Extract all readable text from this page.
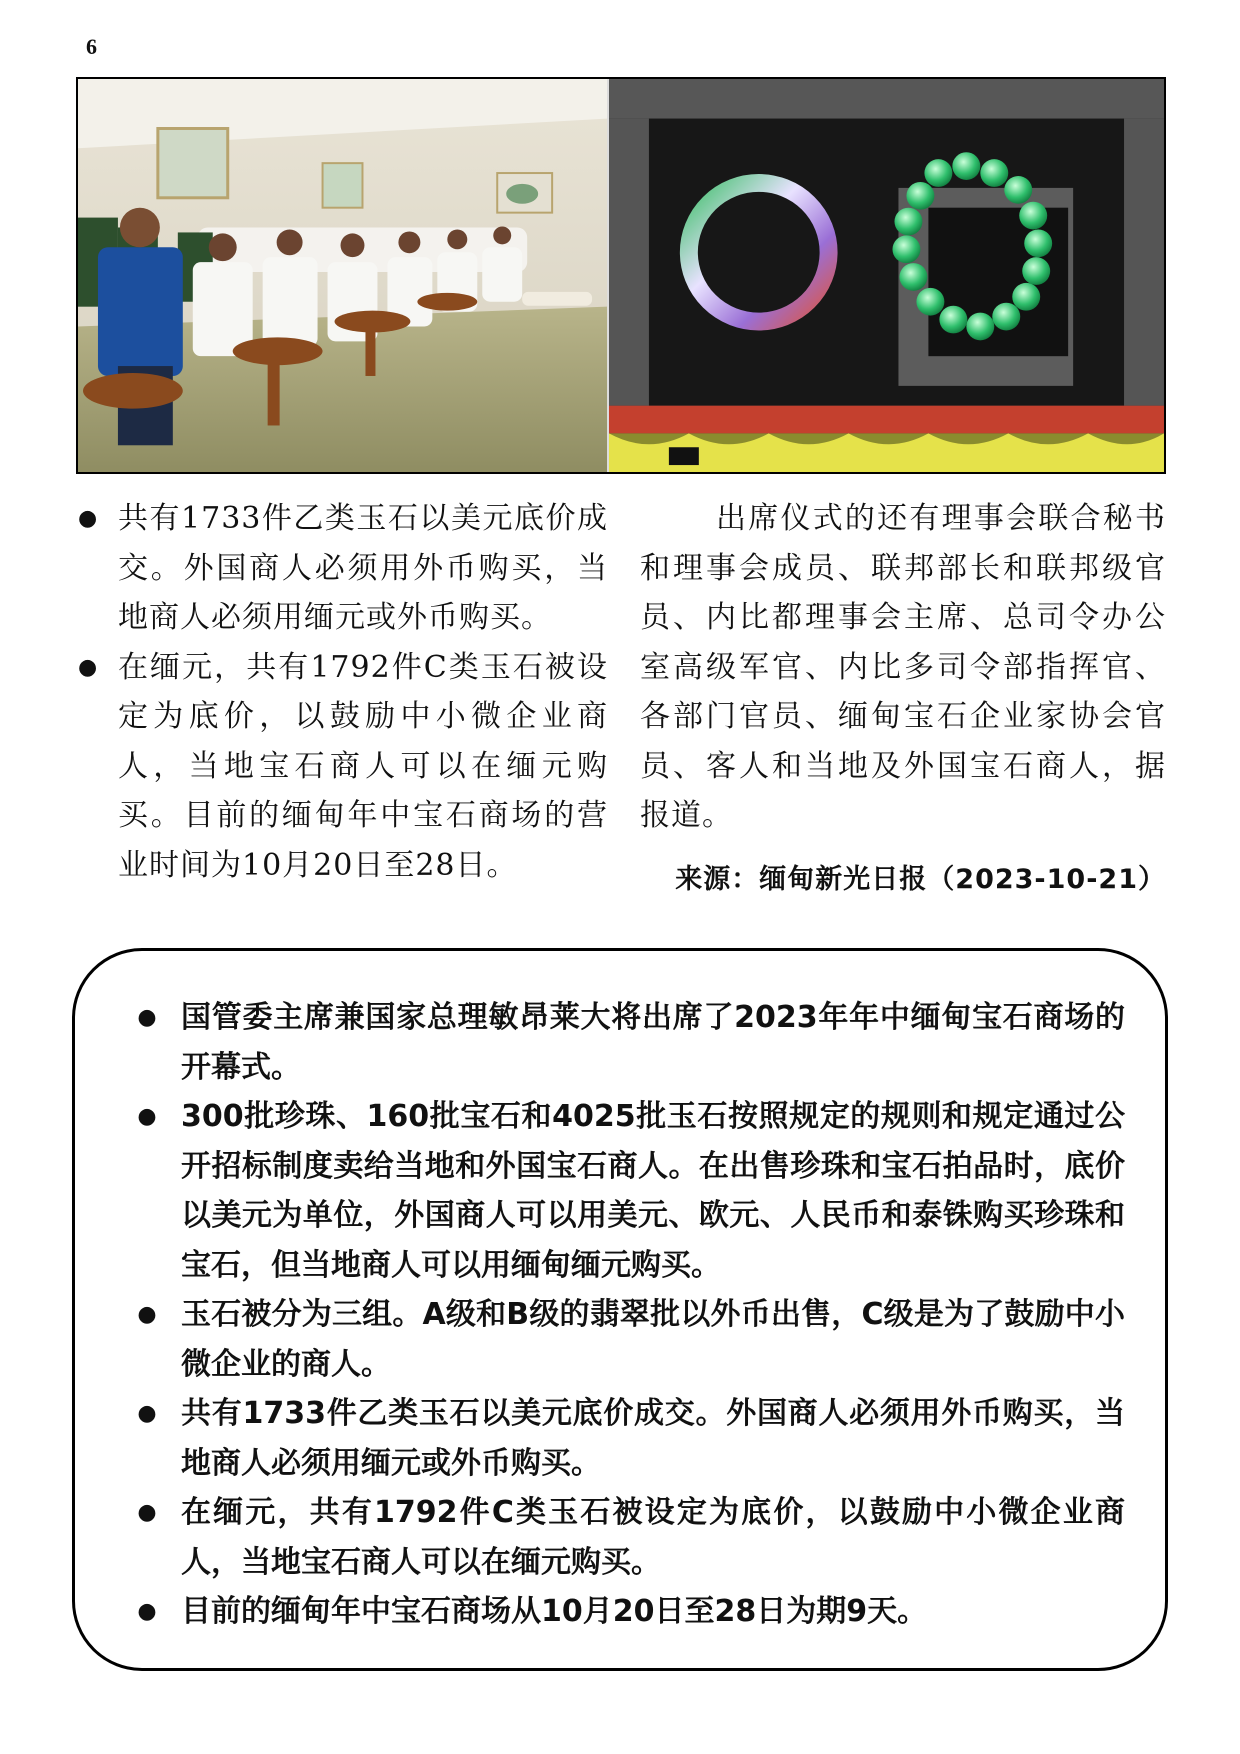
6
● 共有1733件乙类玉石以美元底价成交。外国商人必须用外币购买，当地商人必须用缅元或外币购买。
● 在缅元，共有1792件C类玉石被设定为底价，以鼓励中小微企业商人，当地宝石商人可以在缅元购买。目前的缅甸年中宝石商场的营业时间为10月20日至28日。

出席仪式的还有理事会联合秘书和理事会成员、联邦部长和联邦级官员、内比都理事会主席、总司令办公室高级军官、内比多司令部指挥官、各部门官员、缅甸宝石企业家协会官员、客人和当地及外国宝石商人，据报道。

来源：缅甸新光日报（2023-10-21）
● 国管委主席兼国家总理敏昂莱大将出席了2023年年中缅甸宝石商场的开幕式。
● 300批珍珠、160批宝石和4025批玉石按照规定的规则和规定通过公开招标制度卖给当地和外国宝石商人。在出售珍珠和宝石拍品时，底价以美元为单位，外国商人可以用美元、欧元、人民币和泰铢购买珍珠和宝石，但当地商人可以用缅甸缅元购买。
● 玉石被分为三组。A级和B级的翡翠批以外币出售，C级是为了鼓励中小微企业的商人。
● 共有1733件乙类玉石以美元底价成交。外国商人必须用外币购买，当地商人必须用缅元或外币购买。
● 在缅元，共有1792件C类玉石被设定为底价，以鼓励中小微企业商人，当地宝石商人可以在缅元购买。
● 目前的缅甸年中宝石商场从10月20日至28日为期9天。
